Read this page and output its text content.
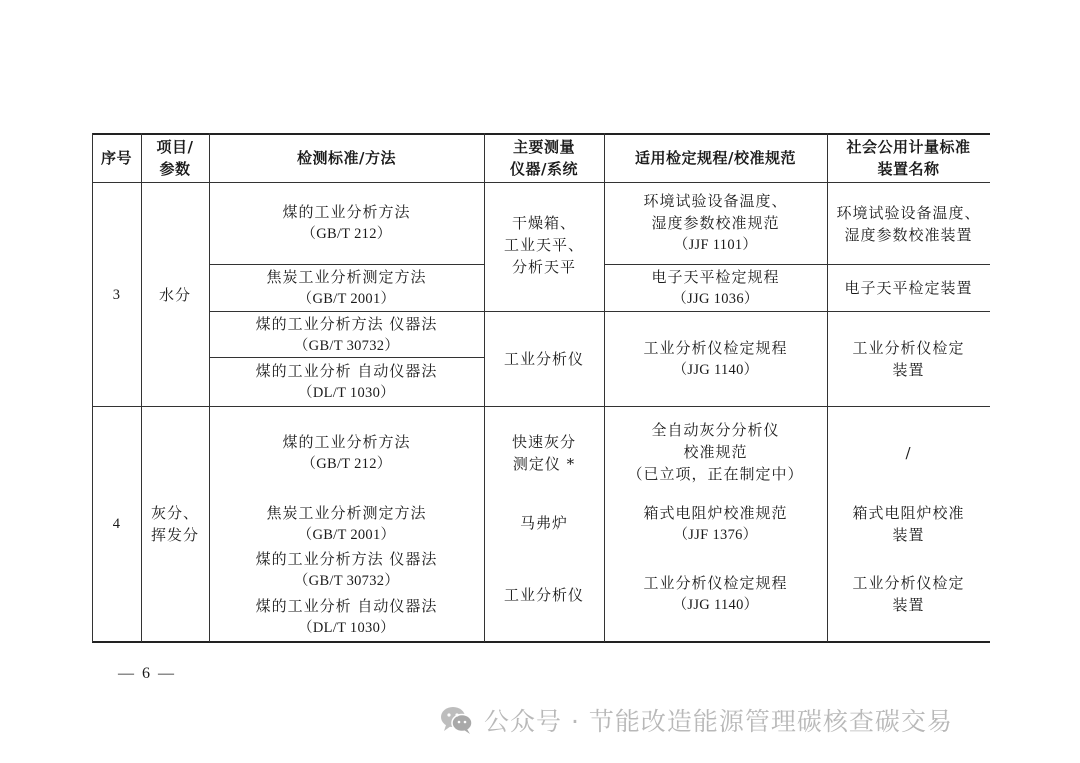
序号
项目/
参数
检测标准/方法
主要测量
仪器/系统
适用检定规程/校准规范
社会公用计量标准
装置名称
3	水分
煤的工业分析方法
（GB/T 212）
焦炭工业分析测定方法
（GB/T 2001）
煤的工业分析方法 仪器法
（GB/T 30732）
煤的工业分析 自动仪器法
（DL/T 1030）
干燥箱、
工业天平、
分析天平
工业分析仪
环境试验设备温度、
湿度参数校准规范
（JJF 1101）
电子天平检定规程
（JJG 1036）
工业分析仪检定规程
（JJG 1140）
环境试验设备温度、
湿度参数校准装置
电子天平检定装置
工业分析仪检定
装置
4
灰分、
挥发分
煤的工业分析方法
（GB/T 212）
焦炭工业分析测定方法
（GB/T 2001）
煤的工业分析方法 仪器法
（GB/T 30732）
煤的工业分析 自动仪器法
（DL/T 1030）
快速灰分
测定仪 *
马弗炉
工业分析仪
全自动灰分分析仪
校准规范
（已立项，正在制定中）
箱式电阻炉校准规范
（JJF 1376）
工业分析仪检定规程
（JJG 1140）
/
箱式电阻炉校准
装置
工业分析仪检定
装置
— 6 —
公众号 · 节能改造能源管理碳核查碳交易
